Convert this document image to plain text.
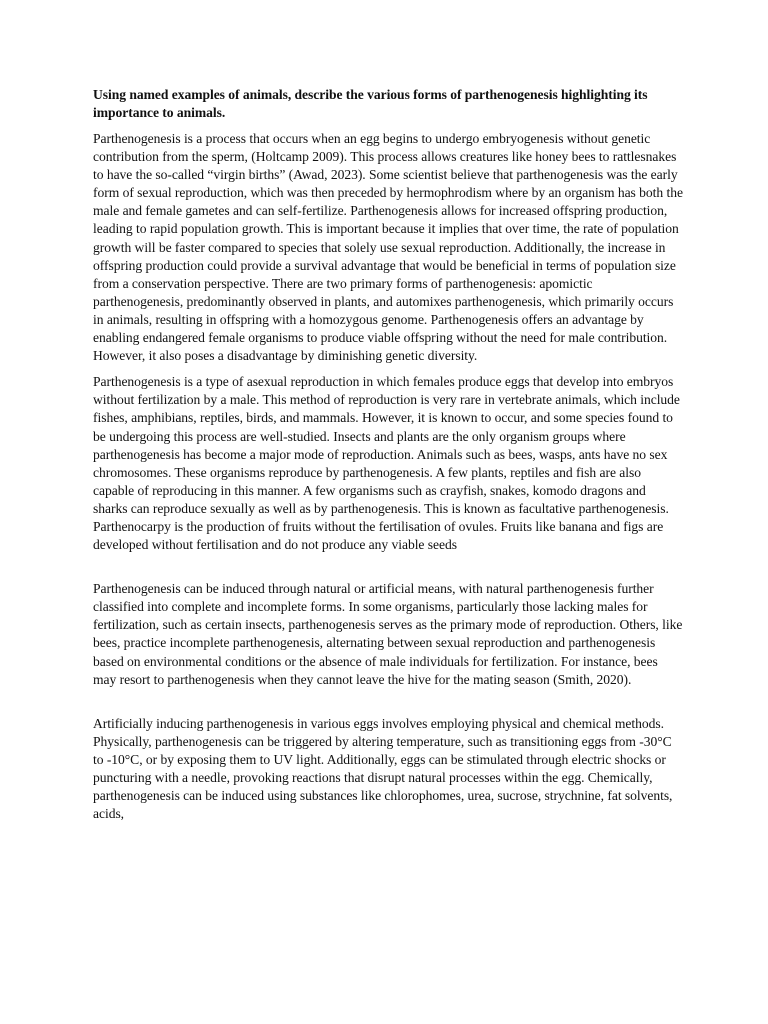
Using named examples of animals, describe the various forms of parthenogenesis highlighting its importance to animals.

Parthenogenesis is a process that occurs when an egg begins to undergo embryogenesis without genetic contribution from the sperm, (Holtcamp 2009). This process allows creatures like honey bees to rattlesnakes to have the so-called “virgin births” (Awad, 2023). Some scientist believe that parthenogenesis was the early form of sexual reproduction, which was then preceded by hermophrodism where by an organism has both the male and female gametes and can self-fertilize. Parthenogenesis allows for increased offspring production, leading to rapid population growth. This is important because it implies that over time, the rate of population growth will be faster compared to species that solely use sexual reproduction. Additionally, the increase in offspring production could provide a survival advantage that would be beneficial in terms of population size from a conservation perspective. There are two primary forms of parthenogenesis: apomictic parthenogenesis, predominantly observed in plants, and automixes parthenogenesis, which primarily occurs in animals, resulting in offspring with a homozygous genome. Parthenogenesis offers an advantage by enabling endangered female organisms to produce viable offspring without the need for male contribution. However, it also poses a disadvantage by diminishing genetic diversity.

Parthenogenesis is a type of asexual reproduction in which females produce eggs that develop into embryos without fertilization by a male. This method of reproduction is very rare in vertebrate animals, which include fishes, amphibians, reptiles, birds, and mammals. However, it is known to occur, and some species found to be undergoing this process are well-studied. Insects and plants are the only organism groups where parthenogenesis has become a major mode of reproduction. Animals such as bees, wasps, ants have no sex chromosomes. These organisms reproduce by parthenogenesis. A few plants, reptiles and fish are also capable of reproducing in this manner. A few organisms such as crayfish, snakes, komodo dragons and sharks can reproduce sexually as well as by parthenogenesis. This is known as facultative parthenogenesis. Parthenocarpy is the production of fruits without the fertilisation of ovules. Fruits like banana and figs are developed without fertilisation and do not produce any viable seeds

Parthenogenesis can be induced through natural or artificial means, with natural parthenogenesis further classified into complete and incomplete forms. In some organisms, particularly those lacking males for fertilization, such as certain insects, parthenogenesis serves as the primary mode of reproduction. Others, like bees, practice incomplete parthenogenesis, alternating between sexual reproduction and parthenogenesis based on environmental conditions or the absence of male individuals for fertilization. For instance, bees may resort to parthenogenesis when they cannot leave the hive for the mating season (Smith, 2020).

Artificially inducing parthenogenesis in various eggs involves employing physical and chemical methods. Physically, parthenogenesis can be triggered by altering temperature, such as transitioning eggs from -30°C to -10°C, or by exposing them to UV light. Additionally, eggs can be stimulated through electric shocks or puncturing with a needle, provoking reactions that disrupt natural processes within the egg. Chemically, parthenogenesis can be induced using substances like chlorophomes, urea, sucrose, strychnine, fat solvents, acids,
